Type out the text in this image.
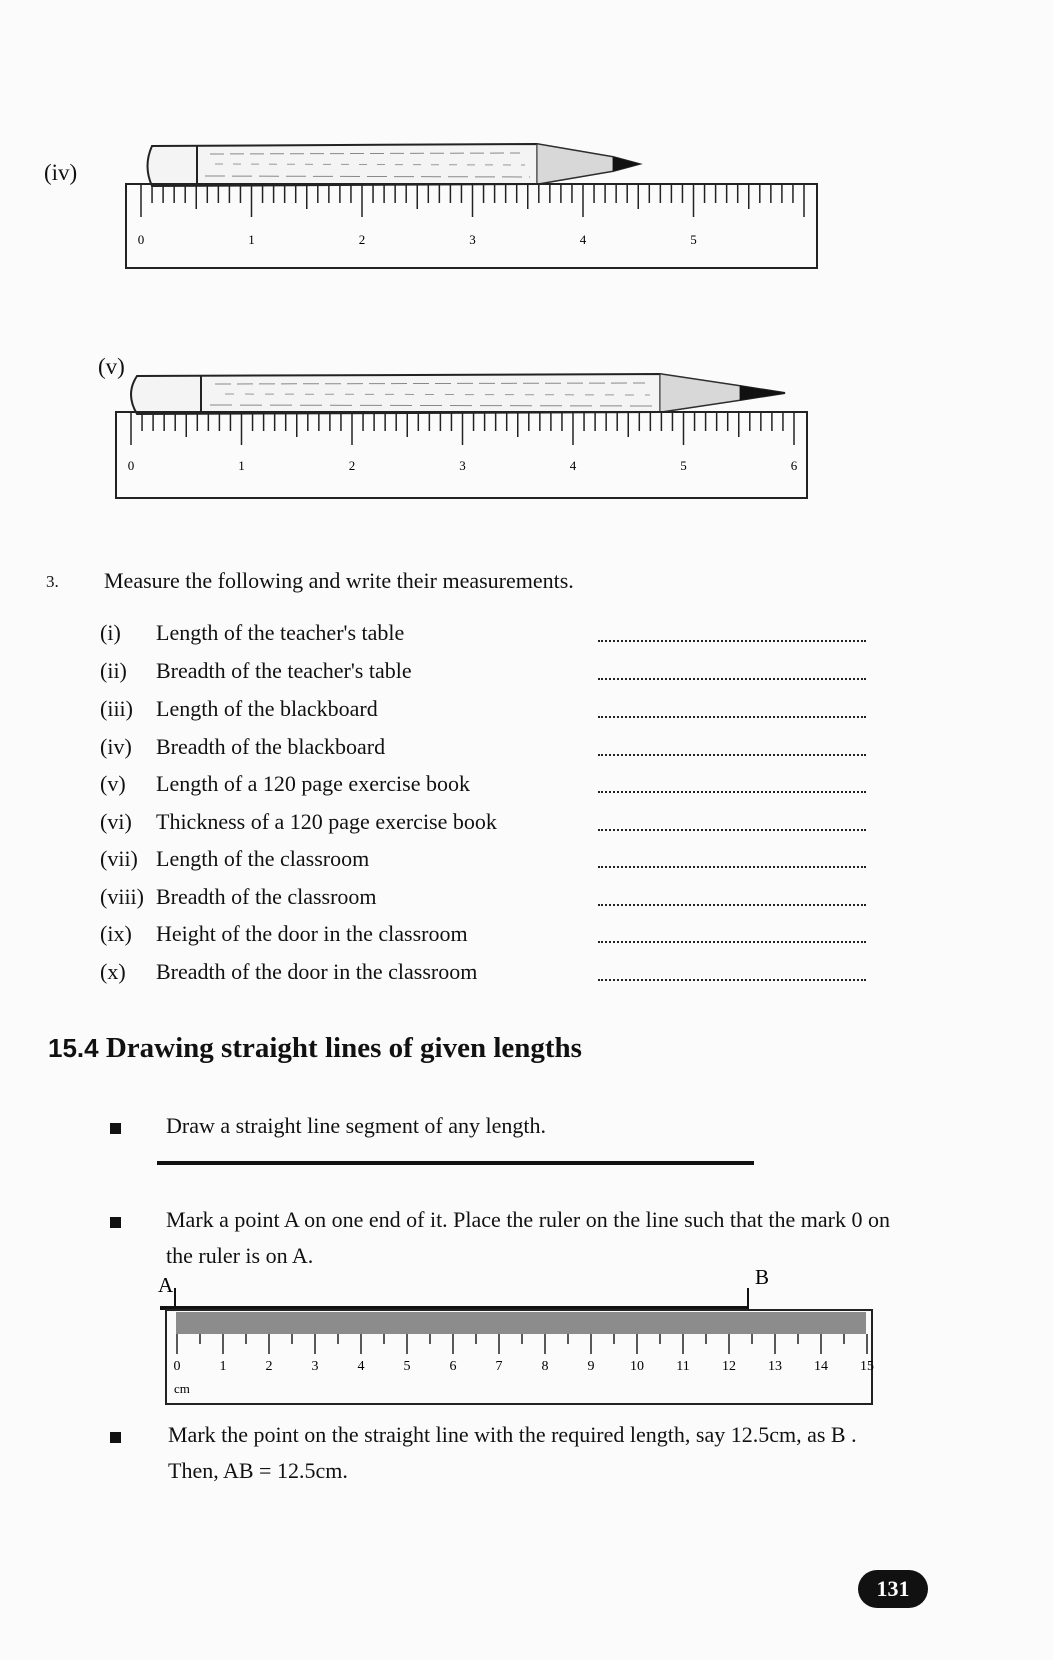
(iv)
0	1	2	3	4	5
(v)
0	1	2	3	4	5	6
3. Measure the following and write their measurements.
(i) Length of the teacher's table
(ii) Breadth of the teacher's table
(iii) Length of the blackboard
(iv) Breadth of the blackboard
(v) Length of a 120 page exercise book
(vi) Thickness of a 120 page exercise book
(vii) Length of the classroom
(viii) Breadth of the classroom
(ix) Height of the door in the classroom
(x) Breadth of the door in the classroom
15.4 Drawing straight lines of given lengths
Draw a straight line segment of any length.
Mark a point A on one end of it. Place the ruler on the line such that the mark 0 on
the ruler is on A.
A	B
0	1	2	3	4	5	6	7	8	9	10 11 12 13 14 15
cm
Mark the point on the straight line with the required length, say 12.5cm, as B .
Then, AB = 12.5cm.
131
